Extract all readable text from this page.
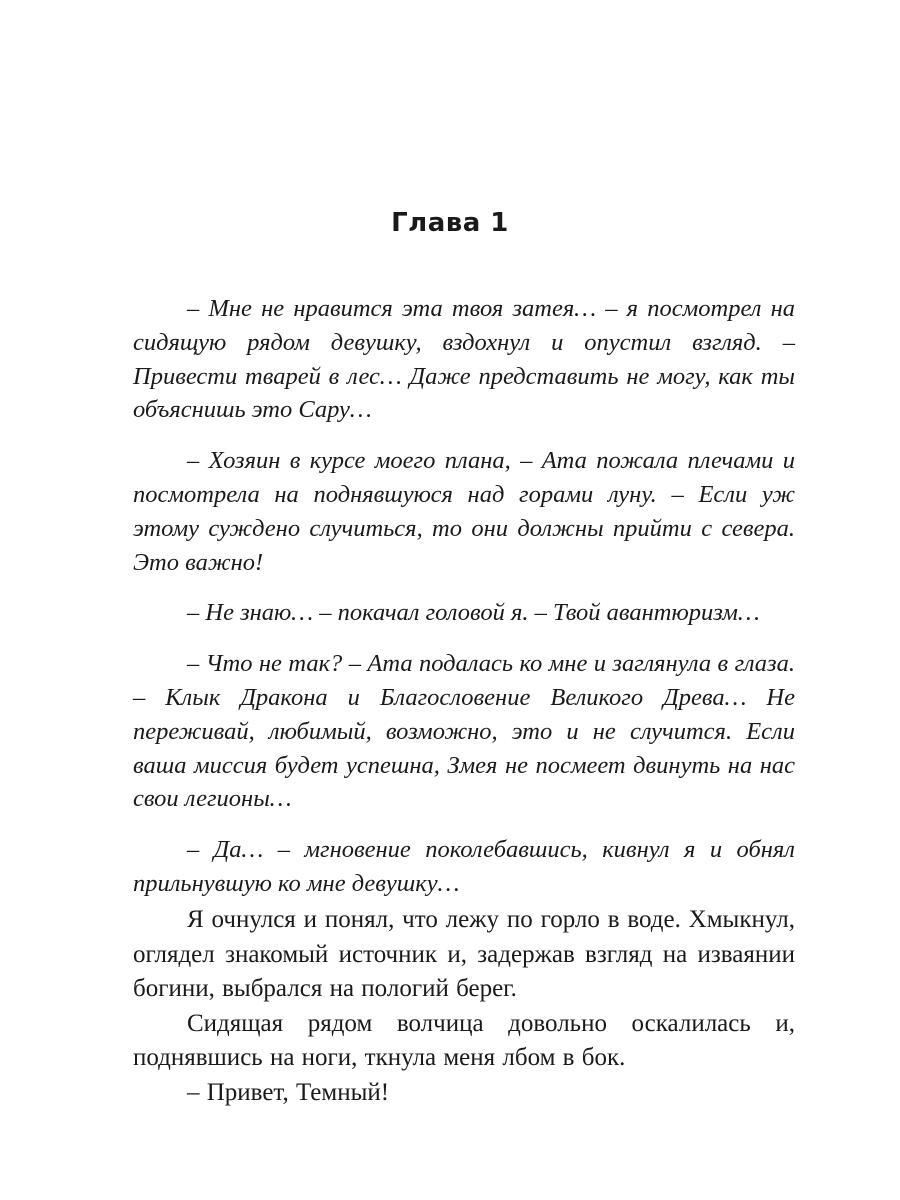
Глава 1

– Мне не нравится эта твоя затея… – я посмотрел на сидящую рядом девушку, вздохнул и опустил взгляд. – Привести тварей в лес… Даже представить не могу, как ты объяснишь это Сару…

– Хозяин в курсе моего плана, – Ата пожала плечами и посмотрела на поднявшуюся над горами луну. – Если уж этому суждено случиться, то они должны прийти с севера. Это важно!

– Не знаю… – покачал головой я. – Твой авантюризм…

– Что не так? – Ата подалась ко мне и заглянула в глаза. – Клык Дракона и Благословение Великого Древа… Не переживай, любимый, возможно, это и не случится. Если ваша миссия будет успешна, Змея не посмеет двинуть на нас свои легионы…

– Да… – мгновение поколебавшись, кивнул я и обнял прильнувшую ко мне девушку…

Я очнулся и понял, что лежу по горло в воде. Хмыкнул, оглядел знакомый источник и, задержав взгляд на изваянии богини, выбрался на пологий берег.

Сидящая рядом волчица довольно оскалилась и, поднявшись на ноги, ткнула меня лбом в бок.

– Привет, Темный!
